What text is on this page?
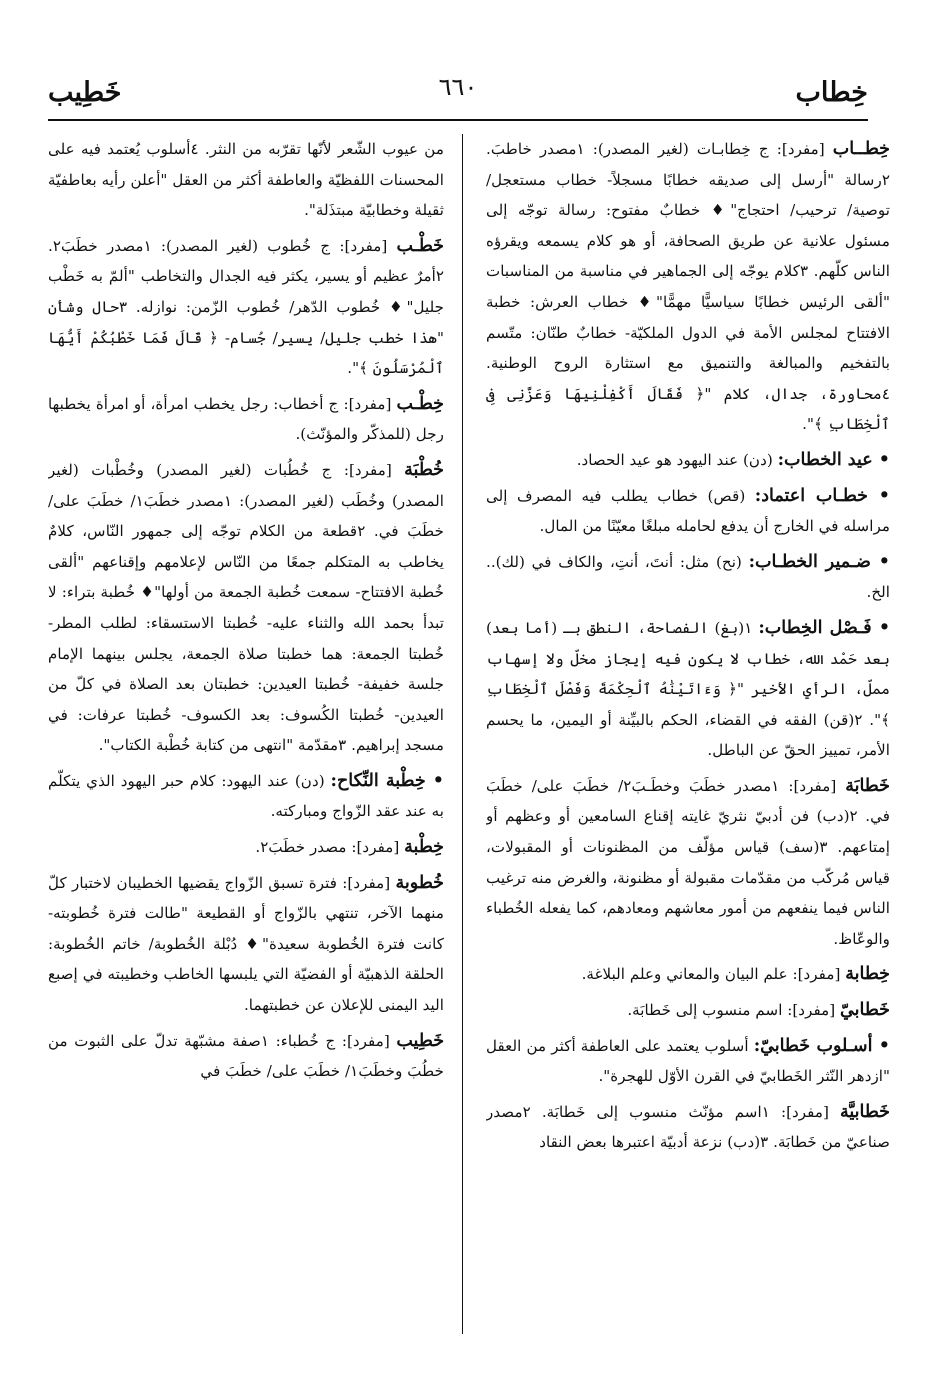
خِطاب
٦٦٠
خَطِيب

خِطــاب [مفرد]: ج خِطابـات (لغير المصدر): ١مصدر خاطبَ. ٢رسالة "أرسل إلى صديقه خطابًا مسجلاً- خطاب مستعجل/ توصية/ ترحيب/ احتجاج"♦ خطابٌ مفتوح: رسالة توجّه إلى مسئول علانية عن طريق الصحافة، أو هو كلام يسمعه ويقرؤه الناس كلّهم. ٣كلام يوجّه إلى الجماهير في مناسبة من المناسبات "ألقى الرئيس خطابًا سياسيًّا مهمًّا"♦ خطاب العرش: خطبة الافتتاح لمجلس الأمة في الدول الملكيّة- خطابٌ طنّان: متّسم بالتفخيم والمبالغة والتنميق مع استثارة الروح الوطنية. ٤محاورة، جدال، كلام "﴿ فَقَالَ أَكْفِلْنِيهَا وَعَزَّنِى فِى ٱلْخِطَابِ ﴾".

• عيد الخطاب: (دن) عند اليهود هو عيد الحصاد.

• خطـاب اعتماد: (قص) خطاب يطلب فيه المصرف إلى مراسله في الخارج أن يدفع لحامله مبلغًا معيّنًا من المال.

• ضـمير الخطـاب: (نح) مثل: أنتَ، أنتِ، والكاف في (لك).. الخ.

• فَـصْل الخِطاب: ١(بغ) الفصاحة، النطق بـ (أما بعد) بعد حَمْد الله، خطاب لا يكون فيه إيجاز مخلّ ولا إسهاب مملّ، الرأي الأخير "﴿ وَءَاتَيْنَٰهُ ٱلْحِكْمَةَ وَفَصْلَ ٱلْخِطَابِ ﴾". ٢(قن) الفقه في القضاء، الحكم بالبيِّنة أو اليمين، ما يحسم الأمر، تمييز الحقّ عن الباطل.

خَطابَة [مفرد]: ١مصدر خطَبَ وخطَـبَ٢/ خطَبَ على/ خطَبَ في. ٢(دب) فن أدبيّ نثريّ غايته إقناع السامعين أو وعظهم أو إمتاعهم. ٣(سف) قياس مؤلّف من المظنونات أو المقبولات، قياس مُركّب من مقدّمات مقبولة أو مظنونة، والغرض منه ترغيب الناس فيما ينفعهم من أمور معاشهم ومعادهم، كما يفعله الخُطباء والوعّاظ.

خِطابة [مفرد]: علم البيان والمعاني وعلم البلاغة.

خَطابيّ [مفرد]: اسم منسوب إلى خَطابَة.

• أسـلوب خَطابيّ: أسلوب يعتمد على العاطفة أكثر من العقل "ازدهر النّثر الخَطابيّ في القرن الأوّل للهجرة".

خَطابيَّة [مفرد]: ١اسم مؤنّث منسوب إلى خَطابَة. ٢مصدر صناعيّ من خَطابَة. ٣(دب) نزعة أدبيّة اعتبرها بعض النقاد

من عيوب الشّعر لأنّها تقرّبه من النثر. ٤أسلوب يُعتمد فيه على المحسنات اللفظيّة والعاطفة أكثر من العقل "أعلن رأيه بعاطفيّة ثقيلة وخطابيّة مبتذَلة".

خَطْـب [مفرد]: ج خُطوب (لغير المصدر): ١مصدر خطَبَ٢. ٢أمرٌ عظيم أو يسير، يكثر فيه الجدال والتخاطب "ألمّ به خَطْب جليل"♦ خُطوب الدّهر/ خُطوب الزّمن: نوازله. ٣حال وشأن "هذا خطب جليل/ يسير/ جُسام- ﴿ قَالَ فَمَا خَطْبُكُمْ أَيُّهَا ٱلْمُرْسَلُونَ ﴾".

خِطْـب [مفرد]: ج أخطاب: رجل يخطب امرأة، أو امرأة يخطبها رجل (للمذكّر والمؤنّث).

خُطْبَة [مفرد]: ج خُطُبات (لغير المصدر) وخُطْبات (لغير المصدر) وخُطَب (لغير المصدر): ١مصدر خطَبَ١/ خطَبَ على/ خطَبَ في. ٢قطعة من الكلام توجّه إلى جمهور النّاس، كلامٌ يخاطب به المتكلم جمعًا من النّاس لإعلامهم وإقناعهم "ألقى خُطبة الافتتاح- سمعت خُطبة الجمعة من أولها"♦ خُطبة بتراء: لا تبدأ بحمد الله والثناء عليه- خُطبتا الاستسقاء: لطلب المطر- خُطبتا الجمعة: هما خطبتا صلاة الجمعة، يجلس بينهما الإمام جلسة خفيفة- خُطبتا العيدين: خطبتان بعد الصلاة في كلّ من العيدين- خُطبتا الكُسوف: بعد الكسوف- خُطبتا عرفات: في مسجد إبراهيم. ٣مقدّمة "انتهى من كتابة خُطْبة الكتاب".

• خِطْبة النِّكاح: (دن) عند اليهود: كلام حبر اليهود الذي يتكلّم به عند عقد الزّواج ومباركته.

خِطْبة [مفرد]: مصدر خطَبَ٢.

خُطوبة [مفرد]: فترة تسبق الزّواج يقضيها الخطيبان لاختبار كلّ منهما الآخر، تنتهي بالزّواج أو القطيعة "طالت فترة خُطوبته- كانت فترة الخُطوبة سعيدة"♦ دُبْلة الخُطوبة/ خاتم الخُطوبة: الحلقة الذهبيّة أو الفضيّة التي يلبسها الخاطب وخطيبته في إصبع اليد اليمنى للإعلان عن خطبتهما.

خَطِيب [مفرد]: ج خُطباء: ١صفة مشبّهة تدلّ على الثبوت من خطُبَ وخطَبَ١/ خطَبَ على/ خطَبَ في
